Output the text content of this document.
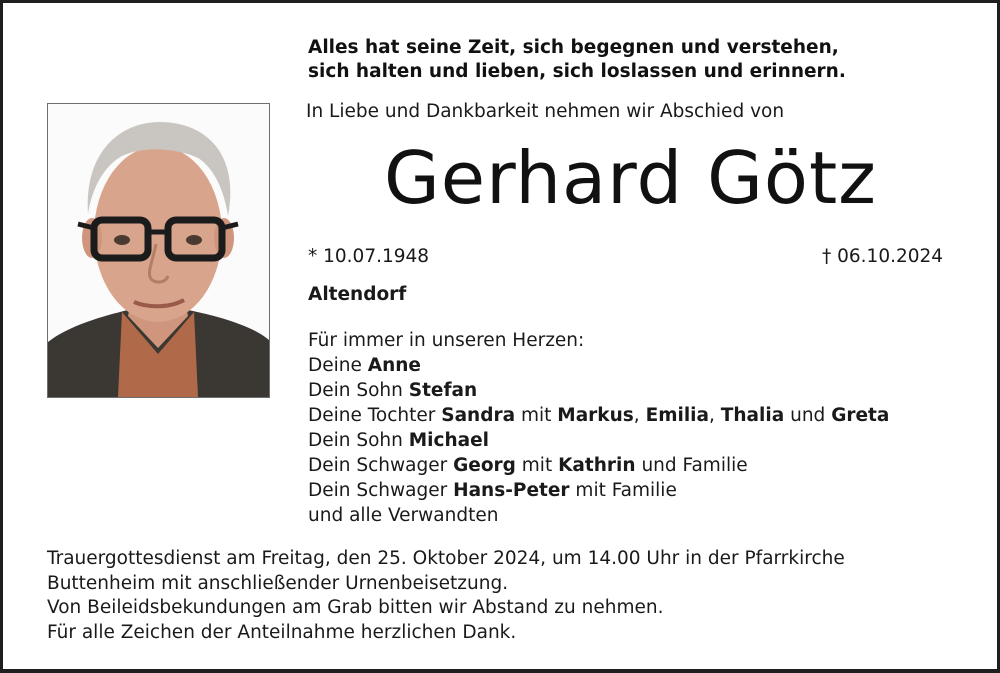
Alles hat seine Zeit, sich begegnen und verstehen,
sich halten und lieben, sich loslassen und erinnern.
In Liebe und Dankbarkeit nehmen wir Abschied von
Gerhard Götz
* 10.07.1948	† 06.10.2024
Altendorf
Für immer in unseren Herzen:
Deine Anne
Dein Sohn Stefan
Deine Tochter Sandra mit Markus, Emilia, Thalia und Greta
Dein Sohn Michael
Dein Schwager Georg mit Kathrin und Familie
Dein Schwager Hans-Peter mit Familie
und alle Verwandten
Trauergottesdienst am Freitag, den 25. Oktober 2024, um 14.00 Uhr in der Pfarrkirche
Buttenheim mit anschließender Urnenbeisetzung.
Von Beileidsbekundungen am Grab bitten wir Abstand zu nehmen.
Für alle Zeichen der Anteilnahme herzlichen Dank.
